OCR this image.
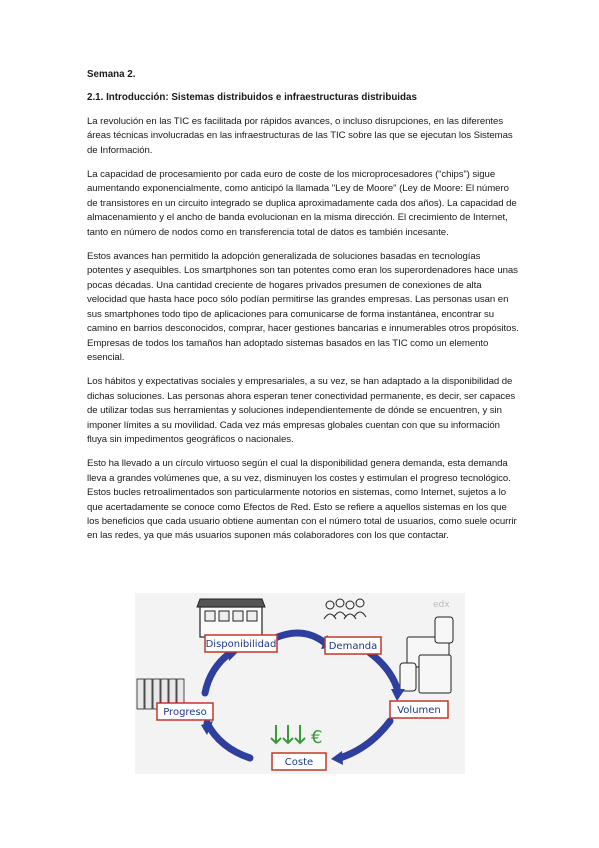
Semana 2.
2.1. Introducción: Sistemas distribuidos e infraestructuras distribuidas

La revolución en las TIC es facilitada por rápidos avances, o incluso disrupciones, en las diferentes áreas técnicas involucradas en las infraestructuras de las TIC sobre las que se ejecutan los Sistemas de Información.

La capacidad de procesamiento por cada euro de coste de los microprocesadores (“chips”) sigue aumentando exponencialmente, como anticipó la llamada "Ley de Moore" (Ley de Moore: El número de transistores en un circuito integrado se duplica aproximadamente cada dos años). La capacidad de almacenamiento y el ancho de banda evolucionan en la misma dirección. El crecimiento de Internet, tanto en número de nodos como en transferencia total de datos es también incesante.

Estos avances han permitido la adopción generalizada de soluciones basadas en tecnologías potentes y asequibles. Los smartphones son tan potentes como eran los superordenadores hace unas pocas décadas. Una cantidad creciente de hogares privados presumen de conexiones de alta velocidad que hasta hace poco sólo podían permitirse las grandes empresas. Las personas usan en sus smartphones todo tipo de aplicaciones para comunicarse de forma instantánea, encontrar su camino en barrios desconocidos, comprar, hacer gestiones bancarias e innumerables otros propósitos. Empresas de todos los tamaños han adoptado sistemas basados en las TIC como un elemento esencial.

Los hábitos y expectativas sociales y empresariales, a su vez, se han adaptado a la disponibilidad de dichas soluciones. Las personas ahora esperan tener conectividad permanente, es decir, ser capaces de utilizar todas sus herramientas y soluciones independientemente de dónde se encuentren, y sin imponer límites a su movilidad. Cada vez más empresas globales cuentan con que su información fluya sin impedimentos geográficos o nacionales.

Esto ha llevado a un círculo virtuoso según el cual la disponibilidad genera demanda, esta demanda lleva a grandes volúmenes que, a su vez, disminuyen los costes y estimulan el progreso tecnológico. Estos bucles retroalimentados son particularmente notorios en sistemas, como Internet, sujetos a lo que acertadamente se conoce como Efectos de Red. Esto se refiere a aquellos sistemas en los que los beneficios que cada usuario obtiene aumentan con el número total de usuarios, como suele ocurrir en las redes, ya que más usuarios suponen más colaboradores con los que contactar.

edx
Disponibilidad	Demanda
Volumen
Coste
Progreso
€
